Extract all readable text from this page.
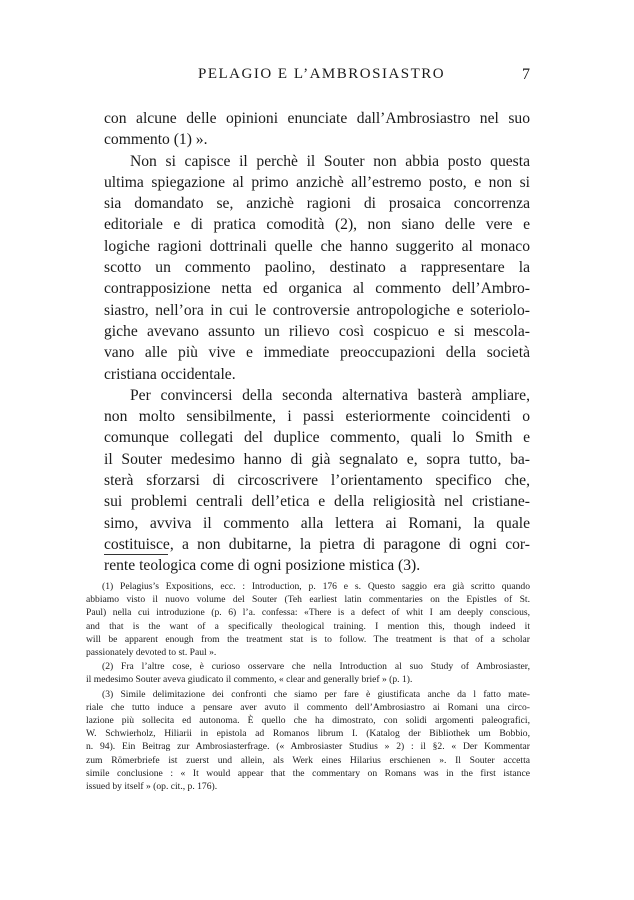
PELAGIO E L’AMBROSIASTRO	7

con alcune delle opinioni enunciate dall’Ambrosiastro nel suo
commento (1) ».

Non si capisce il perchè il Souter non abbia posto questa
ultima spiegazione al primo anzichè all’estremo posto, e non si
sia domandato se, anzichè ragioni di prosaica concorrenza
editoriale e di pratica comodità (2), non siano delle vere e
logiche ragioni dottrinali quelle che hanno suggerito al monaco
scotto un commento paolino, destinato a rappresentare la
contrapposizione netta ed organica al commento dell’Ambro-
siastro, nell’ora in cui le controversie antropologiche e soteriolo-
giche avevano assunto un rilievo così cospicuo e si mescola-
vano alle più vive e immediate preoccupazioni della società
cristiana occidentale.

Per convincersi della seconda alternativa basterà ampliare,
non molto sensibilmente, i passi esteriormente coincidenti o
comunque collegati del duplice commento, quali lo Smith e
il Souter medesimo hanno di già segnalato e, sopra tutto, ba-
sterà sforzarsi di circoscrivere l’orientamento specifico che,
sui problemi centrali dell’etica e della religiosità nel cristiane-
simo, avviva il commento alla lettera ai Romani, la quale
costituisce, a non dubitarne, la pietra di paragone di ogni cor-
rente teologica come di ogni posizione mistica (3).

(1) Pelagius’s Expositions, ecc. : Introduction, p. 176 e s. Questo saggio era già scritto quando
abbiamo visto il nuovo volume del Souter (Teh earliest latin commentaries on the Epistles of St.
Paul) nella cui introduzione (p. 6) l’a. confessa: «There is a defect of whit I am deeply conscious,
and that is the want of a specifically theological training. I mention this, though indeed it
will be apparent enough from the treatment stat is to follow. The treatment is that of a scholar
passionately devoted to st. Paul ».
(2) Fra l’altre cose, è curioso osservare che nella Introduction al suo Study of Ambrosiaster,
il medesimo Souter aveva giudicato il commento, « clear and generally brief » (p. 1).
(3) Simile delimitazione dei confronti che siamo per fare è giustificata anche da l fatto mate-
riale che tutto induce a pensare aver avuto il commento dell’Ambrosiastro ai Romani una circo-
lazione più sollecita ed autonoma. È quello che ha dimostrato, con solidi argomenti paleografici,
W. Schwierholz, Hiliarii in epistola ad Romanos librum I. (Katalog der Bibliothek um Bobbio,
n. 94). Ein Beitrag zur Ambrosiasterfrage. (« Ambrosiaster Studius » 2) : il §2. « Der Kommentar
zum Römerbriefe ist zuerst und allein, als Werk eines Hilarius erschienen ». Il Souter accetta
simile conclusione : « It would appear that the commentary on Romans was in the first istance
issued by itself » (op. cit., p. 176).
